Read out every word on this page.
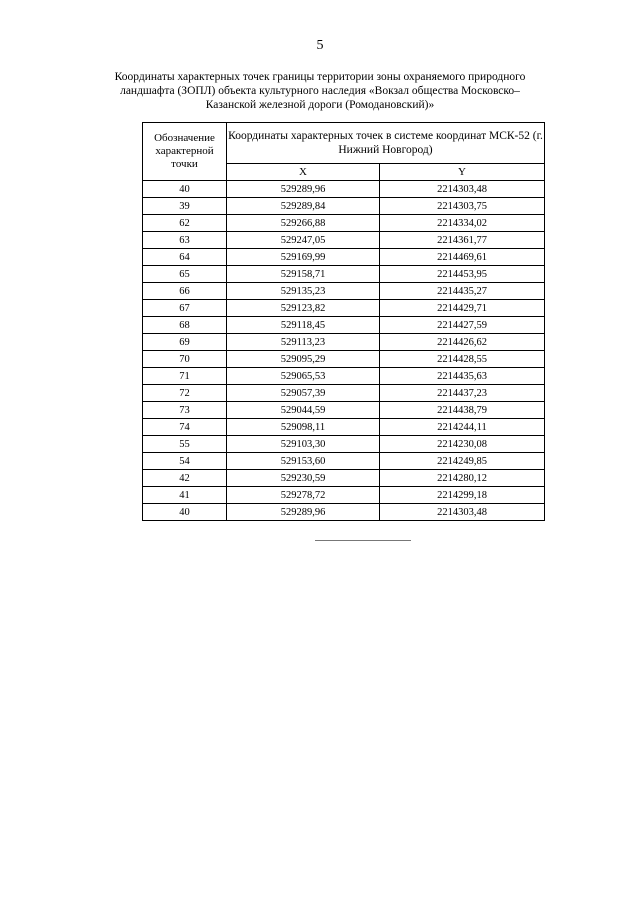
5
Координаты характерных точек границы территории зоны охраняемого природного ландшафта (ЗОПЛ) объекта культурного наследия «Вокзал общества Московско–Казанской железной дороги (Ромодановский)»
Обозначение характерной точки	Координаты характерных точек в системе координат МСК-52 (г. Нижний Новгород)	
	X	Y
40	529289,96	2214303,48
39	529289,84	2214303,75
62	529266,88	2214334,02
63	529247,05	2214361,77
64	529169,99	2214469,61
65	529158,71	2214453,95
66	529135,23	2214435,27
67	529123,82	2214429,71
68	529118,45	2214427,59
69	529113,23	2214426,62
70	529095,29	2214428,55
71	529065,53	2214435,63
72	529057,39	2214437,23
73	529044,59	2214438,79
74	529098,11	2214244,11
55	529103,30	2214230,08
54	529153,60	2214249,85
42	529230,59	2214280,12
41	529278,72	2214299,18
40	529289,96	2214303,48
